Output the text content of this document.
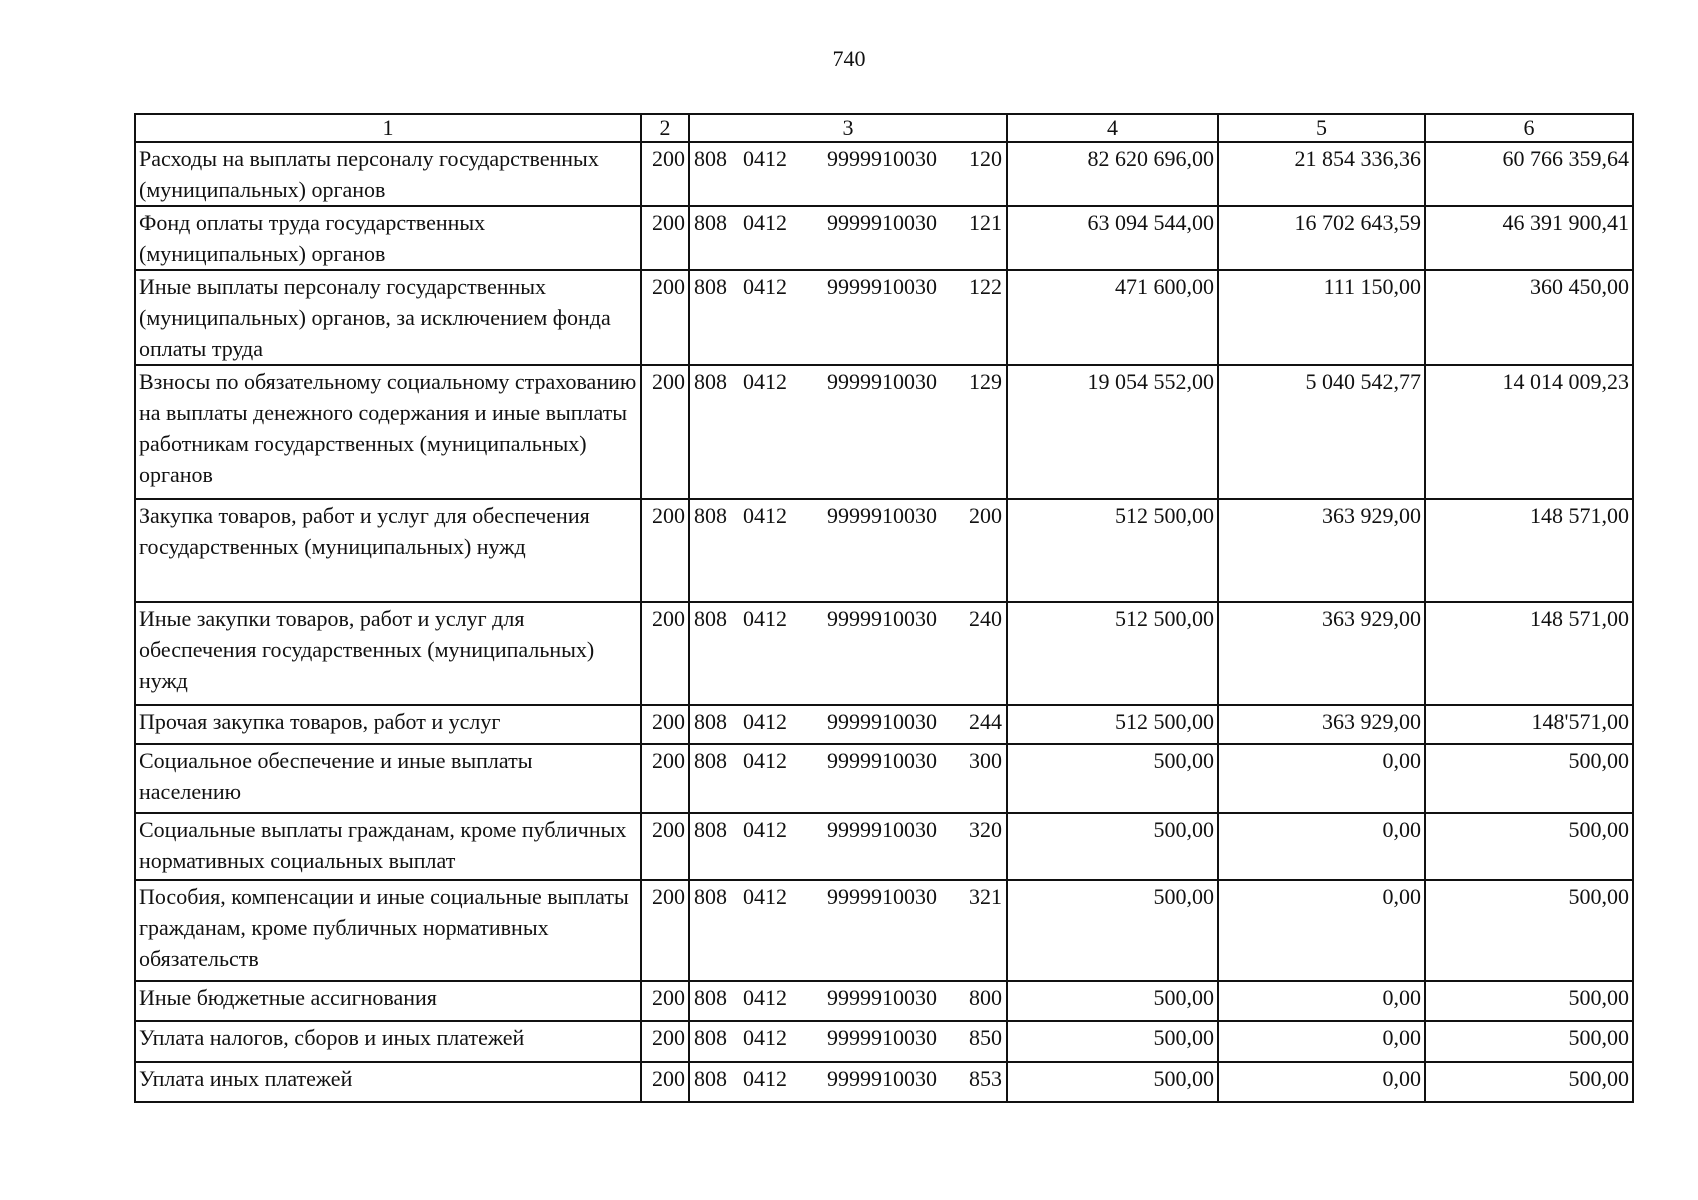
740
1	2	3	4	5	6
Расходы на выплаты персоналу государственных (муниципальных) органов	200	808 0412 9999910030 120	82 620 696,00	21 854 336,36	60 766 359,64
Фонд оплаты труда государственных (муниципальных) органов	200	808 0412 9999910030 121	63 094 544,00	16 702 643,59	46 391 900,41
Иные выплаты персоналу государственных (муниципальных) органов, за исключением фонда оплаты труда	200	808 0412 9999910030 122	471 600,00	111 150,00	360 450,00
Взносы по обязательному социальному страхованию на выплаты денежного содержания и иные выплаты работникам государственных (муниципальных) органов	200	808 0412 9999910030 129	19 054 552,00	5 040 542,77	14 014 009,23
Закупка товаров, работ и услуг для обеспечения государственных (муниципальных) нужд	200	808 0412 9999910030 200	512 500,00	363 929,00	148 571,00
Иные закупки товаров, работ и услуг для обеспечения государственных (муниципальных) нужд	200	808 0412 9999910030 240	512 500,00	363 929,00	148 571,00
Прочая закупка товаров, работ и услуг	200	808 0412 9999910030 244	512 500,00	363 929,00	148'571,00
Социальное обеспечение и иные выплаты населению	200	808 0412 9999910030 300	500,00	0,00	500,00
Социальные выплаты гражданам, кроме публичных нормативных социальных выплат	200	808 0412 9999910030 320	500,00	0,00	500,00
Пособия, компенсации и иные социальные выплаты гражданам, кроме публичных нормативных обязательств	200	808 0412 9999910030 321	500,00	0,00	500,00
Иные бюджетные ассигнования	200	808 0412 9999910030 800	500,00	0,00	500,00
Уплата налогов, сборов и иных платежей	200	808 0412 9999910030 850	500,00	0,00	500,00
Уплата иных платежей	200	808 0412 9999910030 853	500,00	0,00	500,00
